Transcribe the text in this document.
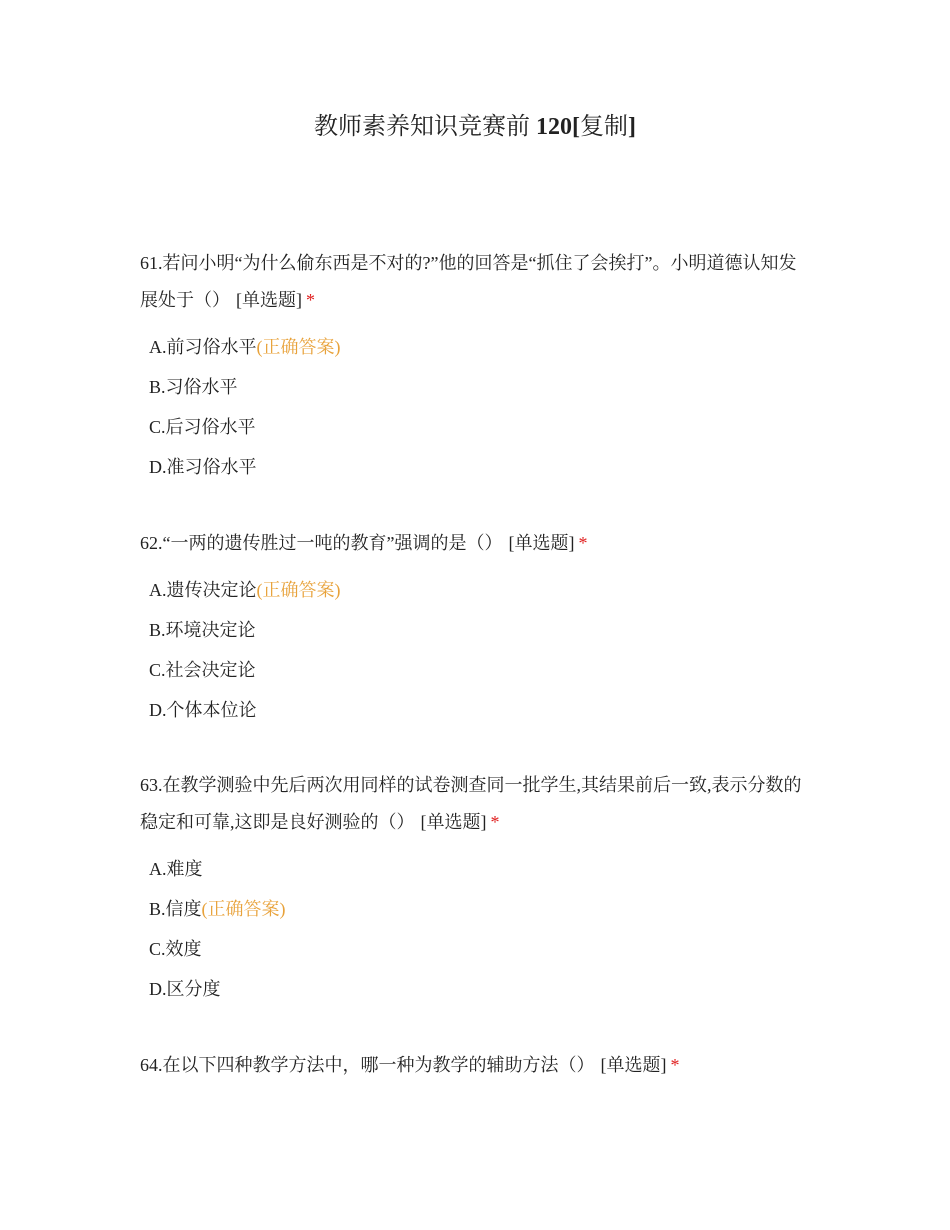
教师素养知识竞赛前 120[复制]

61.若问小明“为什么偷东西是不对的?”他的回答是“抓住了会挨打”。小明道德认知发展处于（） [单选题] *

A.前习俗水平(正确答案)
B.习俗水平
C.后习俗水平
D.准习俗水平

62.“一两的遗传胜过一吨的教育”强调的是（） [单选题] *

A.遗传决定论(正确答案)
B.环境决定论
C.社会决定论
D.个体本位论

63.在教学测验中先后两次用同样的试卷测查同一批学生,其结果前后一致,表示分数的稳定和可靠,这即是良好测验的（） [单选题] *

A.难度
B.信度(正确答案)
C.效度
D.区分度

64.在以下四种教学方法中，哪一种为教学的辅助方法（） [单选题] *
